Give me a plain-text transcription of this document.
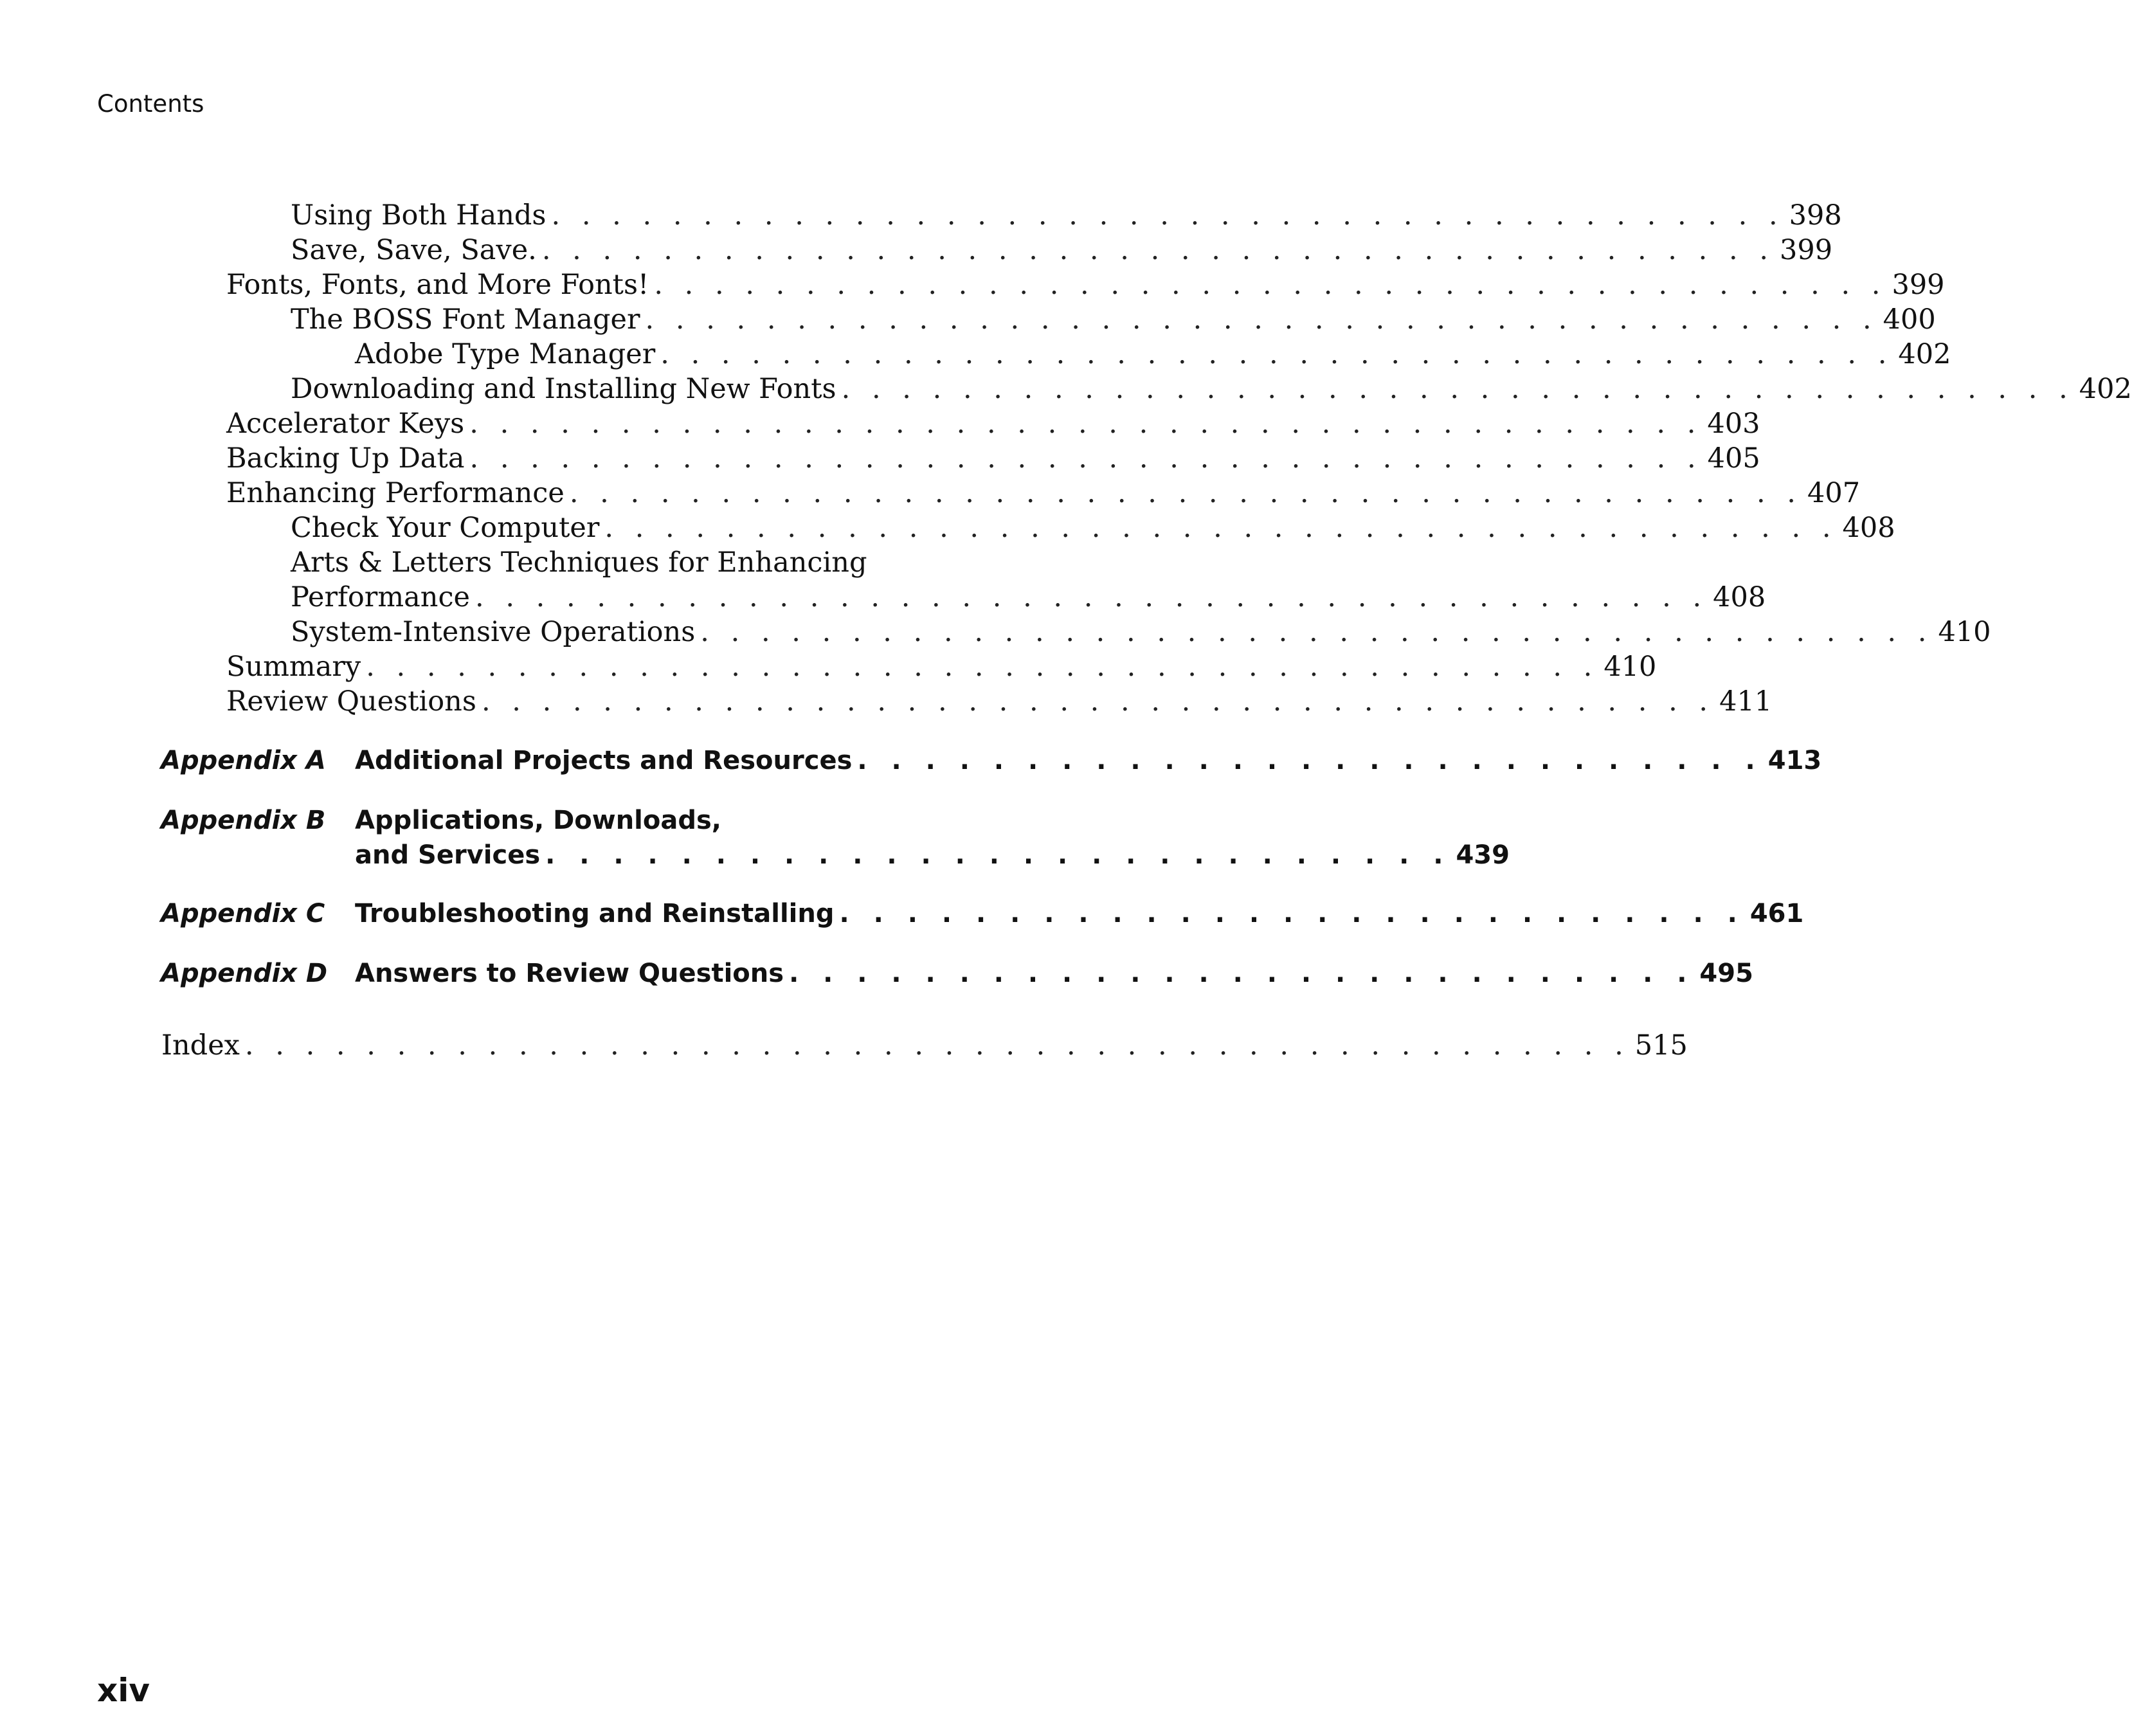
Contents
Using Both Hands . . . . . . . . . . . . . . . . . . . . . . . . . . . . . . . . . . . . . . . . . 398
Save, Save, Save. . . . . . . . . . . . . . . . . . . . . . . . . . . . . . . . . . . . . . . . . . 399
Fonts, Fonts, and More Fonts! . . . . . . . . . . . . . . . . . . . . . . . . . . . . . . . . . . . . . . . . . 399
The BOSS Font Manager . . . . . . . . . . . . . . . . . . . . . . . . . . . . . . . . . . . . . . . . . 400
Adobe Type Manager . . . . . . . . . . . . . . . . . . . . . . . . . . . . . . . . . . . . . . . . . 402
Downloading and Installing New Fonts . . . . . . . . . . . . . . . . . . . . . . . . . . . . . . . . . . . . . . . . . 402
Accelerator Keys . . . . . . . . . . . . . . . . . . . . . . . . . . . . . . . . . . . . . . . . . 403
Backing Up Data . . . . . . . . . . . . . . . . . . . . . . . . . . . . . . . . . . . . . . . . . 405
Enhancing Performance . . . . . . . . . . . . . . . . . . . . . . . . . . . . . . . . . . . . . . . . . 407
Check Your Computer . . . . . . . . . . . . . . . . . . . . . . . . . . . . . . . . . . . . . . . . . 408
Arts & Letters Techniques for Enhancing
Performance . . . . . . . . . . . . . . . . . . . . . . . . . . . . . . . . . . . . . . . . . 408
System-Intensive Operations . . . . . . . . . . . . . . . . . . . . . . . . . . . . . . . . . . . . . . . . . 410
Summary . . . . . . . . . . . . . . . . . . . . . . . . . . . . . . . . . . . . . . . . . 410
Review Questions . . . . . . . . . . . . . . . . . . . . . . . . . . . . . . . . . . . . . . . . . 411
Appendix A Additional Projects and Resources . . . . . . . . . . . . . . . . . . . . . . . . . . . 413
Appendix B Applications, Downloads,
and Services . . . . . . . . . . . . . . . . . . . . . . . . . . . 439
Appendix C Troubleshooting and Reinstalling . . . . . . . . . . . . . . . . . . . . . . . . . . . 461
Appendix D Answers to Review Questions . . . . . . . . . . . . . . . . . . . . . . . . . . . 495
Index . . . . . . . . . . . . . . . . . . . . . . . . . . . . . . . . . . . . . . . . . . . . . . 515
xiv
